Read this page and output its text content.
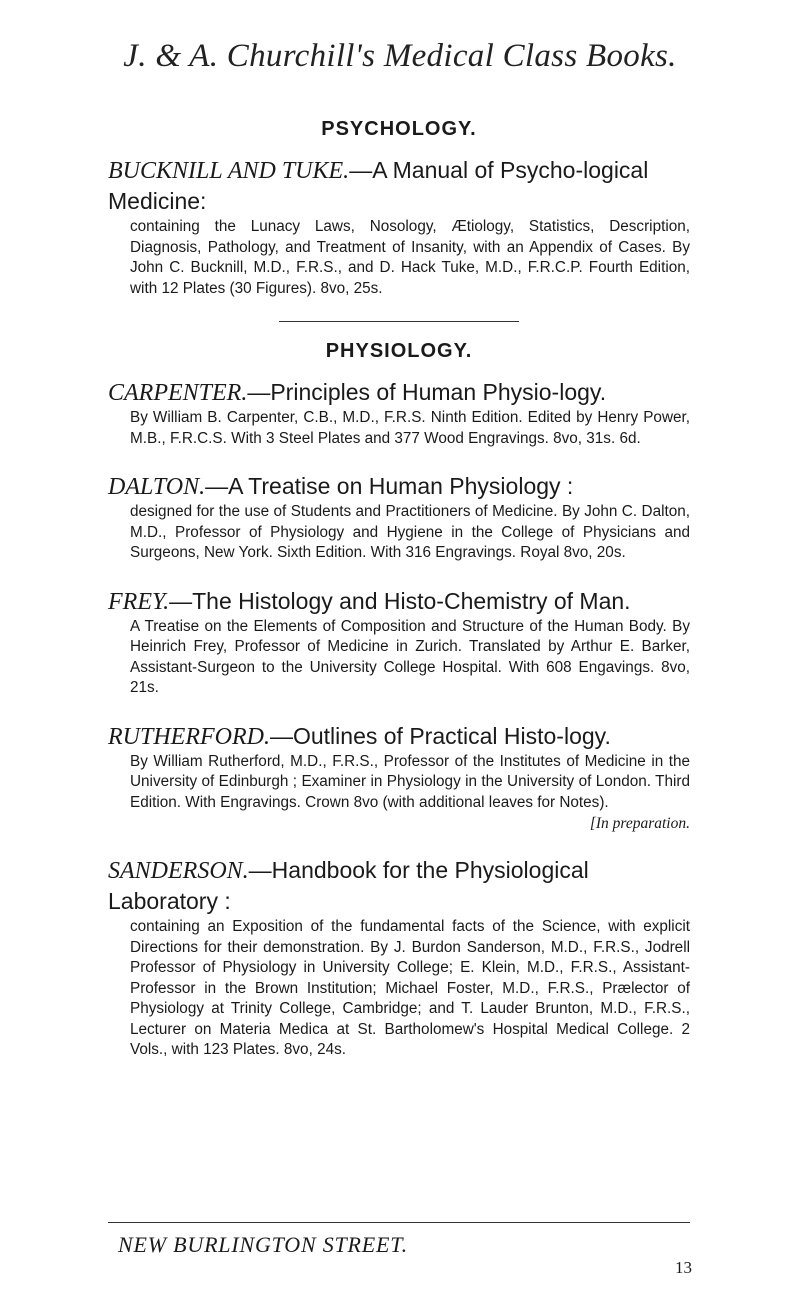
J. & A. Churchill's Medical Class Books.
PSYCHOLOGY.

BUCKNILL AND TUKE.—A Manual of Psycho-logical Medicine:

containing the Lunacy Laws, Nosology, Ætiology, Statistics, Description, Diagnosis, Pathology, and Treatment of Insanity, with an Appendix of Cases. By John C. Bucknill, M.D., F.R.S., and D. Hack Tuke, M.D., F.R.C.P. Fourth Edition, with 12 Plates (30 Figures). 8vo, 25s.

PHYSIOLOGY.

CARPENTER.—Principles of Human Physio-logy.

By William B. Carpenter, C.B., M.D., F.R.S. Ninth Edition. Edited by Henry Power, M.B., F.R.C.S. With 3 Steel Plates and 377 Wood Engravings. 8vo, 31s. 6d.

DALTON.—A Treatise on Human Physiology :

designed for the use of Students and Practitioners of Medicine. By John C. Dalton, M.D., Professor of Physiology and Hygiene in the College of Physicians and Surgeons, New York. Sixth Edition. With 316 Engravings. Royal 8vo, 20s.

FREY.—The Histology and Histo-Chemistry of Man.

A Treatise on the Elements of Composition and Structure of the Human Body. By Heinrich Frey, Professor of Medicine in Zurich. Translated by Arthur E. Barker, Assistant-Surgeon to the University College Hospital. With 608 Engavings. 8vo, 21s.

RUTHERFORD.—Outlines of Practical Histo-logy.

By William Rutherford, M.D., F.R.S., Professor of the Institutes of Medicine in the University of Edinburgh ; Examiner in Physiology in the University of London. Third Edition. With Engravings. Crown 8vo (with additional leaves for Notes).

[In preparation.

SANDERSON.—Handbook for the Physiological Laboratory :

containing an Exposition of the fundamental facts of the Science, with explicit Directions for their demonstration. By J. Burdon Sanderson, M.D., F.R.S., Jodrell Professor of Physiology in University College; E. Klein, M.D., F.R.S., Assistant-Professor in the Brown Institution; Michael Foster, M.D., F.R.S., Prælector of Physiology at Trinity College, Cambridge; and T. Lauder Brunton, M.D., F.R.S., Lecturer on Materia Medica at St. Bartholomew's Hospital Medical College. 2 Vols., with 123 Plates. 8vo, 24s.

NEW BURLINGTON STREET.
13
